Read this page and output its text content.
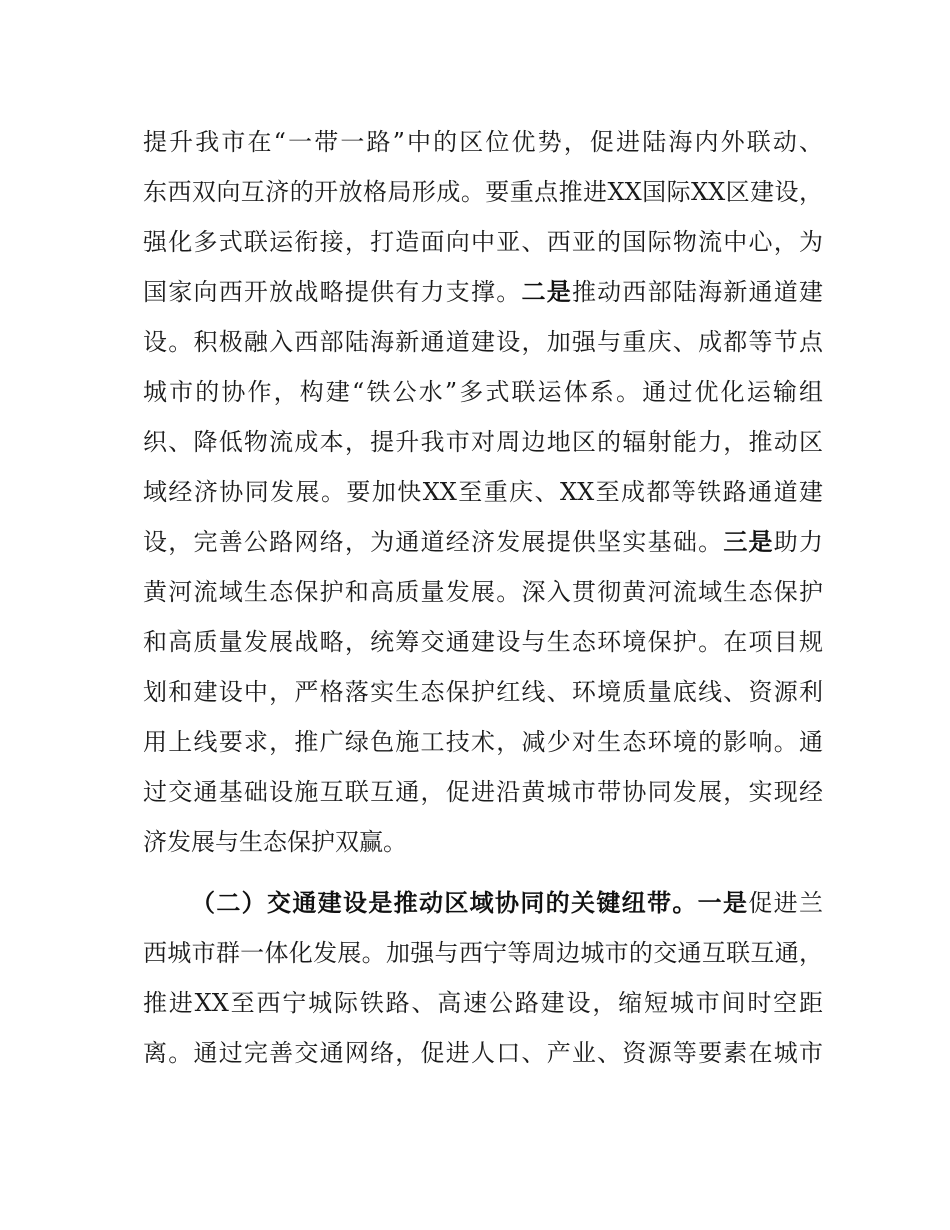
提升我市在“一带一路”中的区位优势，促进陆海内外联动、
东西双向互济的开放格局形成。要重点推进XX国际XX区建设，
强化多式联运衔接，打造面向中亚、西亚的国际物流中心，为
国家向西开放战略提供有力支撑。二是推动西部陆海新通道建
设。积极融入西部陆海新通道建设，加强与重庆、成都等节点
城市的协作，构建“铁公水”多式联运体系。通过优化运输组
织、降低物流成本，提升我市对周边地区的辐射能力，推动区
域经济协同发展。要加快XX至重庆、XX至成都等铁路通道建
设，完善公路网络，为通道经济发展提供坚实基础。三是助力
黄河流域生态保护和高质量发展。深入贯彻黄河流域生态保护
和高质量发展战略，统筹交通建设与生态环境保护。在项目规
划和建设中，严格落实生态保护红线、环境质量底线、资源利
用上线要求，推广绿色施工技术，减少对生态环境的影响。通
过交通基础设施互联互通，促进沿黄城市带协同发展，实现经
济发展与生态保护双赢。
（二）交通建设是推动区域协同的关键纽带。一是促进兰
西城市群一体化发展。加强与西宁等周边城市的交通互联互通，
推进XX至西宁城际铁路、高速公路建设，缩短城市间时空距
离。通过完善交通网络，促进人口、产业、资源等要素在城市
